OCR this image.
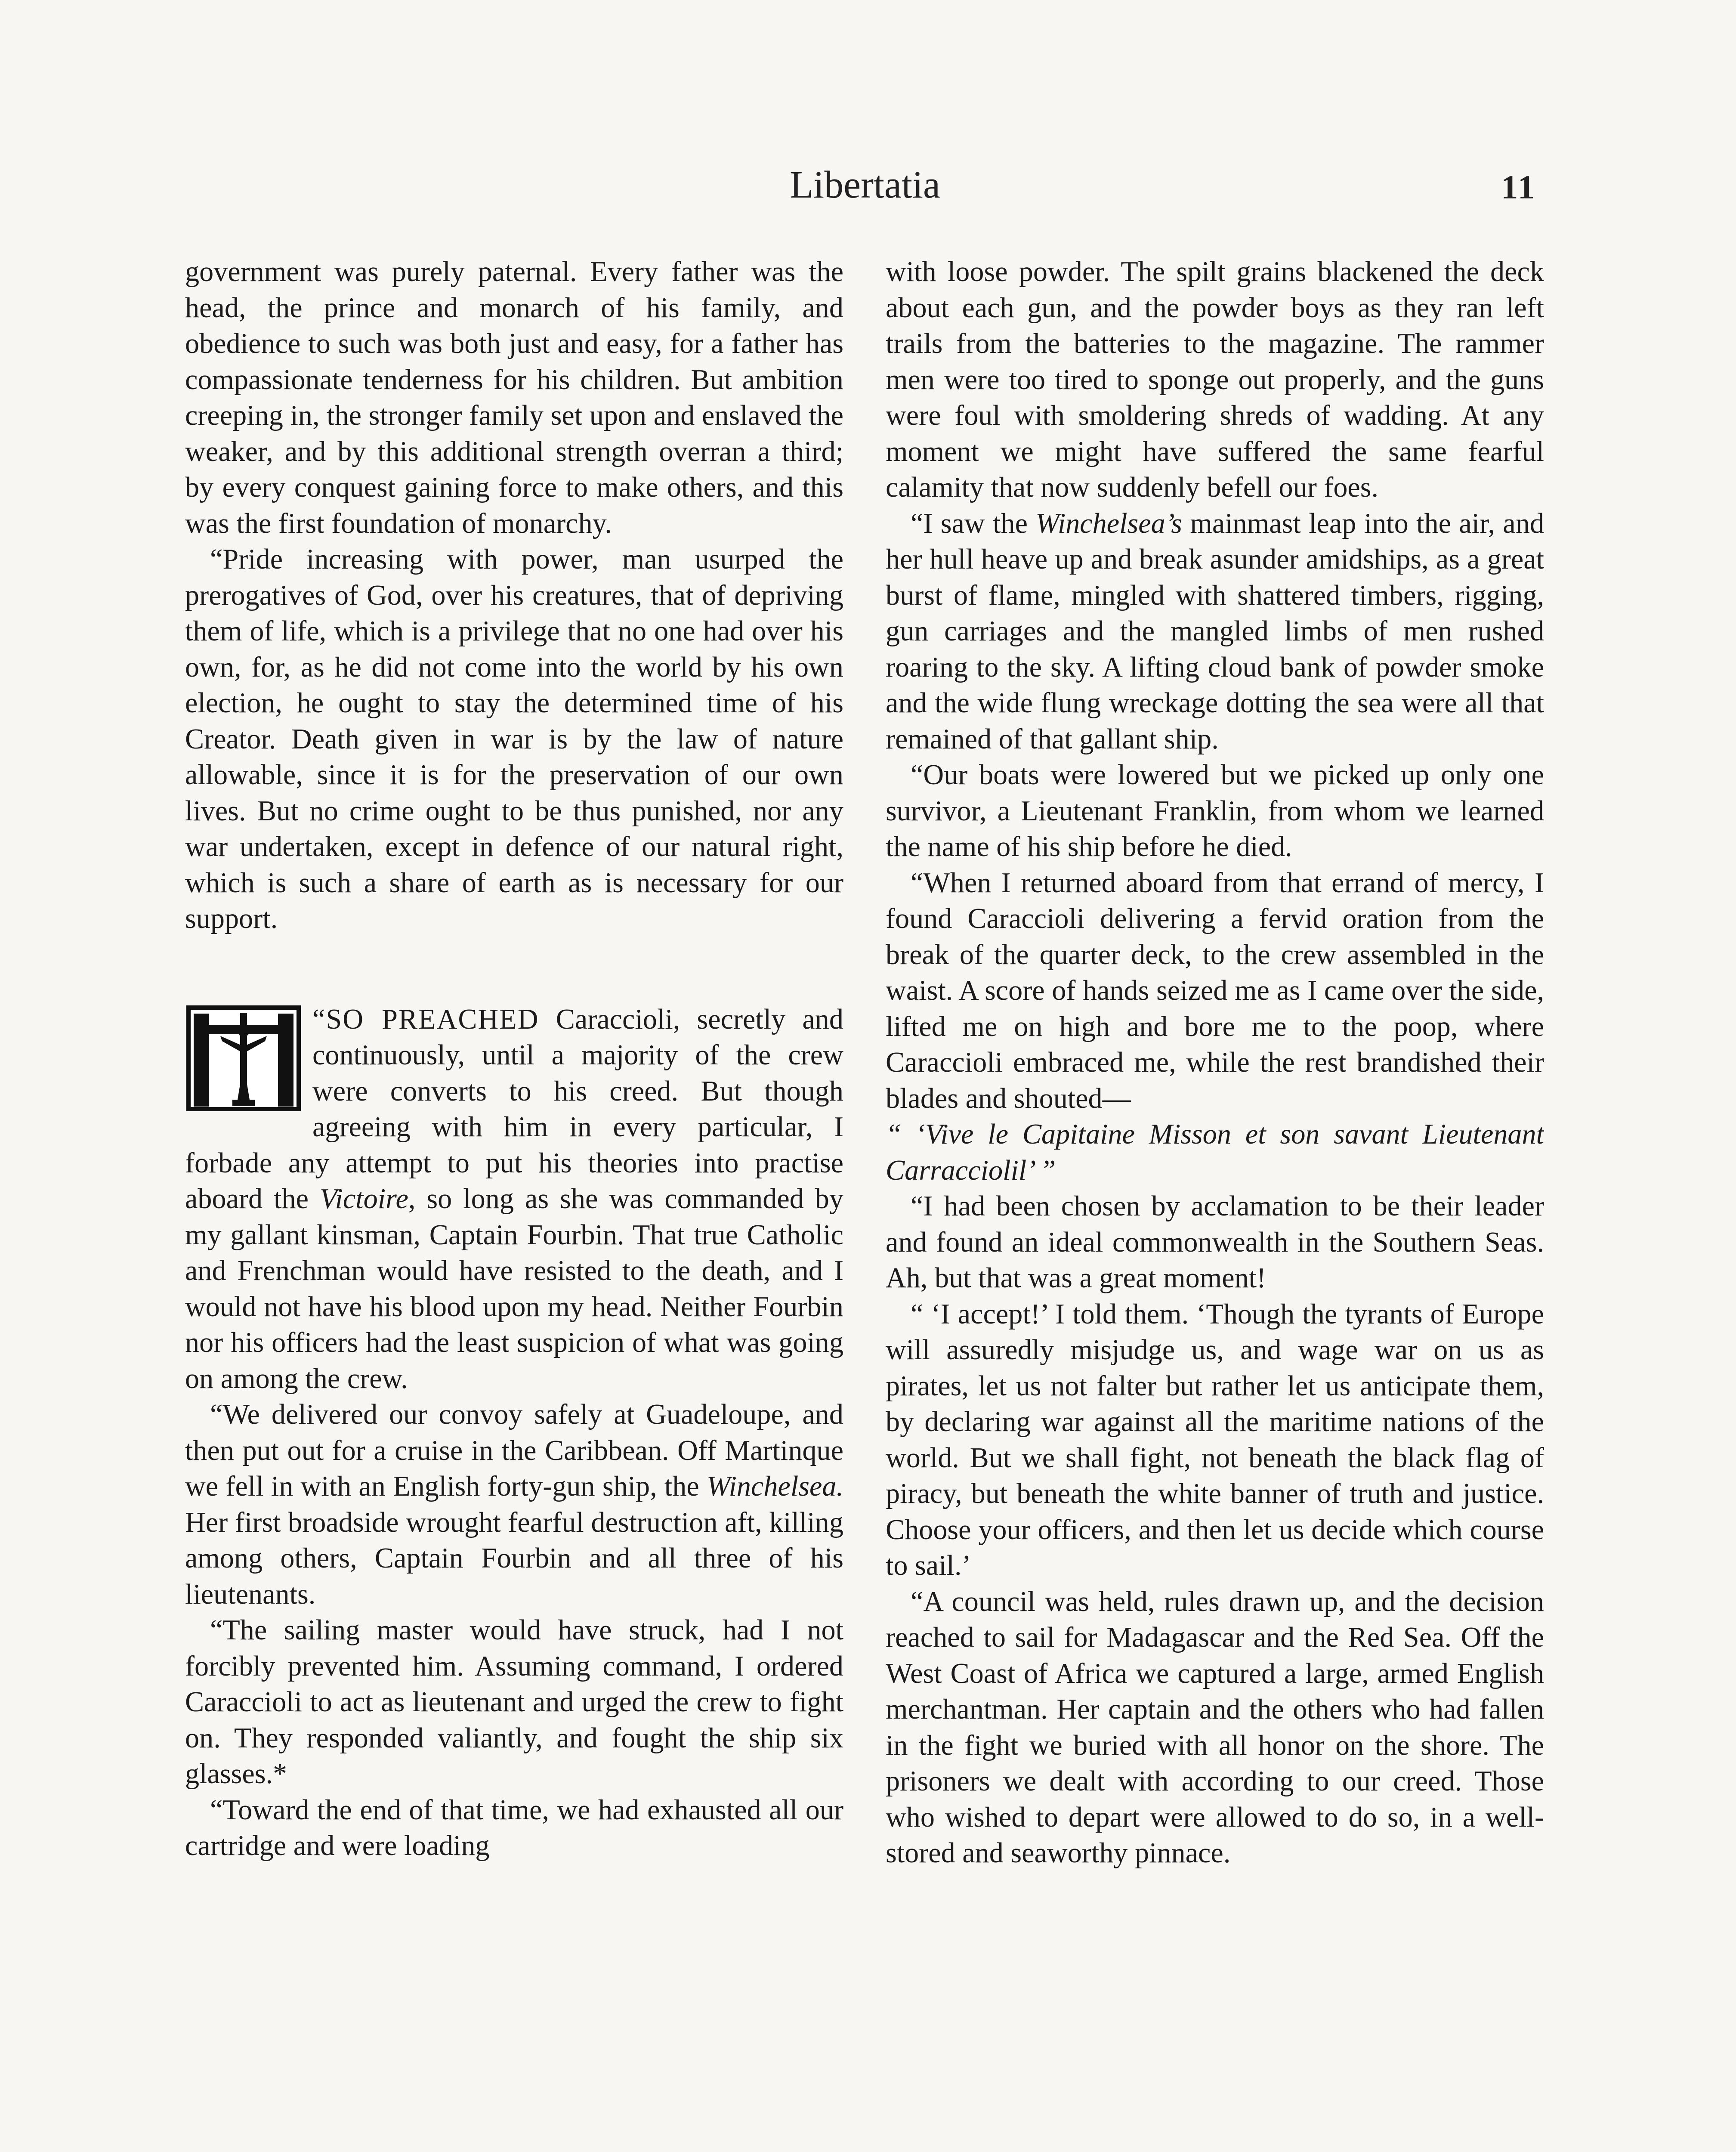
Libertatia	11

government was purely paternal. Every father was the head, the prince and monarch of his family, and obedience to such was both just and easy, for a father has compassionate tenderness for his children. But ambition creeping in, the stronger family set upon and enslaved the weaker, and by this additional strength overran a third; by every conquest gaining force to make others, and this was the first foundation of monarchy.

“Pride increasing with power, man usurped the prerogatives of God, over his creatures, that of depriving them of life, which is a privilege that no one had over his own, for, as he did not come into the world by his own election, he ought to stay the determined time of his Creator. Death given in war is by the law of nature allowable, since it is for the preservation of our own lives. But no crime ought to be thus punished, nor any war undertaken, except in defence of our natural right, which is such a share of earth as is necessary for our support.

“SO PREACHED Caraccioli, secretly and continuously, until a majority of the crew were converts to his creed. But though agreeing with him in every particular, I forbade any attempt to put his theories into practise aboard the Victoire, so long as she was commanded by my gallant kinsman, Captain Fourbin. That true Catholic and Frenchman would have resisted to the death, and I would not have his blood upon my head. Neither Fourbin nor his officers had the least suspicion of what was going on among the crew.

“We delivered our convoy safely at Guadeloupe, and then put out for a cruise in the Caribbean. Off Martinque we fell in with an English forty-gun ship, the Winchelsea. Her first broadside wrought fearful destruction aft, killing among others, Captain Fourbin and all three of his lieutenants.

“The sailing master would have struck, had I not forcibly prevented him. Assuming command, I ordered Caraccioli to act as lieutenant and urged the crew to fight on. They responded valiantly, and fought the ship six glasses.*

“Toward the end of that time, we had exhausted all our cartridge and were loading

with loose powder. The spilt grains blackened the deck about each gun, and the powder boys as they ran left trails from the batteries to the magazine. The rammer men were too tired to sponge out properly, and the guns were foul with smoldering shreds of wadding. At any moment we might have suffered the same fearful calamity that now suddenly befell our foes.

“I saw the Winchelsea’s mainmast leap into the air, and her hull heave up and break asunder amidships, as a great burst of flame, mingled with shattered timbers, rigging, gun carriages and the mangled limbs of men rushed roaring to the sky. A lifting cloud bank of powder smoke and the wide flung wreckage dotting the sea were all that remained of that gallant ship.

“Our boats were lowered but we picked up only one survivor, a Lieutenant Franklin, from whom we learned the name of his ship before he died.

“When I returned aboard from that errand of mercy, I found Caraccioli delivering a fervid oration from the break of the quarter deck, to the crew assembled in the waist. A score of hands seized me as I came over the side, lifted me on high and bore me to the poop, where Caraccioli embraced me, while the rest brandished their blades and shouted—

“ ‘Vive le Capitaine Misson et son savant Lieutenant Carracciolil’ ”

“I had been chosen by acclamation to be their leader and found an ideal commonwealth in the Southern Seas. Ah, but that was a great moment!

“ ‘I accept!’ I told them. ‘Though the tyrants of Europe will assuredly misjudge us, and wage war on us as pirates, let us not falter but rather let us anticipate them, by declaring war against all the maritime nations of the world. But we shall fight, not beneath the black flag of piracy, but beneath the white banner of truth and justice. Choose your officers, and then let us decide which course to sail.’

“A council was held, rules drawn up, and the decision reached to sail for Madagascar and the Red Sea. Off the West Coast of Africa we captured a large, armed English merchantman. Her captain and the others who had fallen in the fight we buried with all honor on the shore. The prisoners we dealt with according to our creed. Those who wished to depart were allowed to do so, in a well-stored and seaworthy pinnace.
